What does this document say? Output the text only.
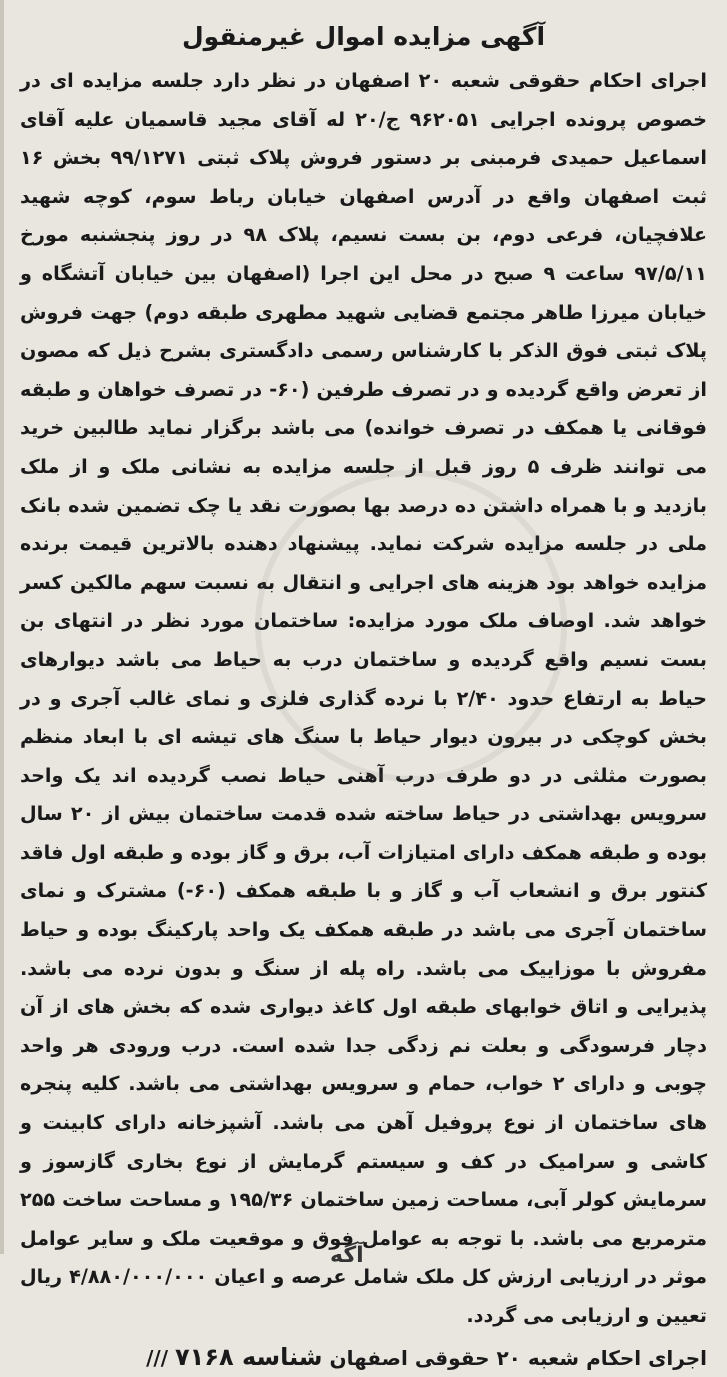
آگهی مزایده اموال غیرمنقول

اجرای احکام حقوقی شعبه ۲۰ اصفهان در نظر دارد جلسه مزایده ای در خصوص پرونده اجرایی ۹۶۲۰۵۱ ج/۲۰ له آقای مجید قاسمیان علیه آقای اسماعیل حمیدی فرمبنی بر دستور فروش پلاک ثبتی ۹۹/۱۲۷۱ بخش ۱۶ ثبت اصفهان واقع در آدرس اصفهان خیابان رباط سوم، کوچه شهید علافچیان، فرعی دوم، بن بست نسیم، پلاک ۹۸ در روز پنجشنبه مورخ ۹۷/۵/۱۱ ساعت ۹ صبح در محل این اجرا (اصفهان بین خیابان آتشگاه و خیابان میرزا طاهر مجتمع قضایی شهید مطهری طبقه دوم) جهت فروش پلاک ثبتی فوق الذکر با کارشناس رسمی دادگستری بشرح ذیل که مصون از تعرض واقع گردیده و در تصرف طرفین (۶۰- در تصرف خواهان و طبقه فوقانی یا همکف در تصرف خوانده) می باشد برگزار نماید طالبین خرید می توانند ظرف ۵ روز قبل از جلسه مزایده به نشانی ملک و از ملک بازدید و با همراه داشتن ده درصد بها بصورت نقد یا چک تضمین شده بانک ملی در جلسه مزایده شرکت نماید. پیشنهاد دهنده بالاترین قیمت برنده مزایده خواهد بود هزینه های اجرایی و انتقال به نسبت سهم مالکین کسر خواهد شد. اوصاف ملک مورد مزایده: ساختمان مورد نظر در انتهای بن بست نسیم واقع گردیده و ساختمان درب به حیاط می باشد دیوارهای حیاط به ارتفاع حدود ۲/۴۰ با نرده گذاری فلزی و نمای غالب آجری و در بخش کوچکی در بیرون دیوار حیاط با سنگ های تیشه ای با ابعاد منظم بصورت مثلثی در دو طرف درب آهنی حیاط نصب گردیده اند یک واحد سرویس بهداشتی در حیاط ساخته شده قدمت ساختمان بیش از ۲۰ سال بوده و طبقه همکف دارای امتیازات آب، برق و گاز بوده و طبقه اول فاقد کنتور برق و انشعاب آب و گاز و با طبقه همکف (۶۰-) مشترک و نمای ساختمان آجری می باشد در طبقه همکف یک واحد پارکینگ بوده و حیاط مفروش با موزاییک می باشد. راه پله از سنگ و بدون نرده می باشد. پذیرایی و اتاق خوابهای طبقه اول کاغذ دیواری شده که بخش های از آن دچار فرسودگی و بعلت نم زدگی جدا شده است. درب ورودی هر واحد چوبی و دارای ۲ خواب، حمام و سرویس بهداشتی می باشد. کلیه پنجره های ساختمان از نوع پروفیل آهن می باشد. آشپزخانه دارای کابینت و کاشی و سرامیک در کف و سیستم گرمایش از نوع بخاری گازسوز و سرمایش کولر آبی، مساحت زمین ساختمان ۱۹۵/۳۶ و مساحت ساخت ۲۵۵ مترمربع می باشد. با توجه به عوامل فوق و موقعیت ملک و سایر عوامل موثر در ارزیابی ارزش کل ملک شامل عرصه و اعیان ۴/۸۸۰/۰۰۰/۰۰۰ ریال تعیین و ارزیابی می گردد.

اجرای احکام شعبه ۲۰ حقوقی اصفهان شناسه ۷۱۶۸ ///

آگه
